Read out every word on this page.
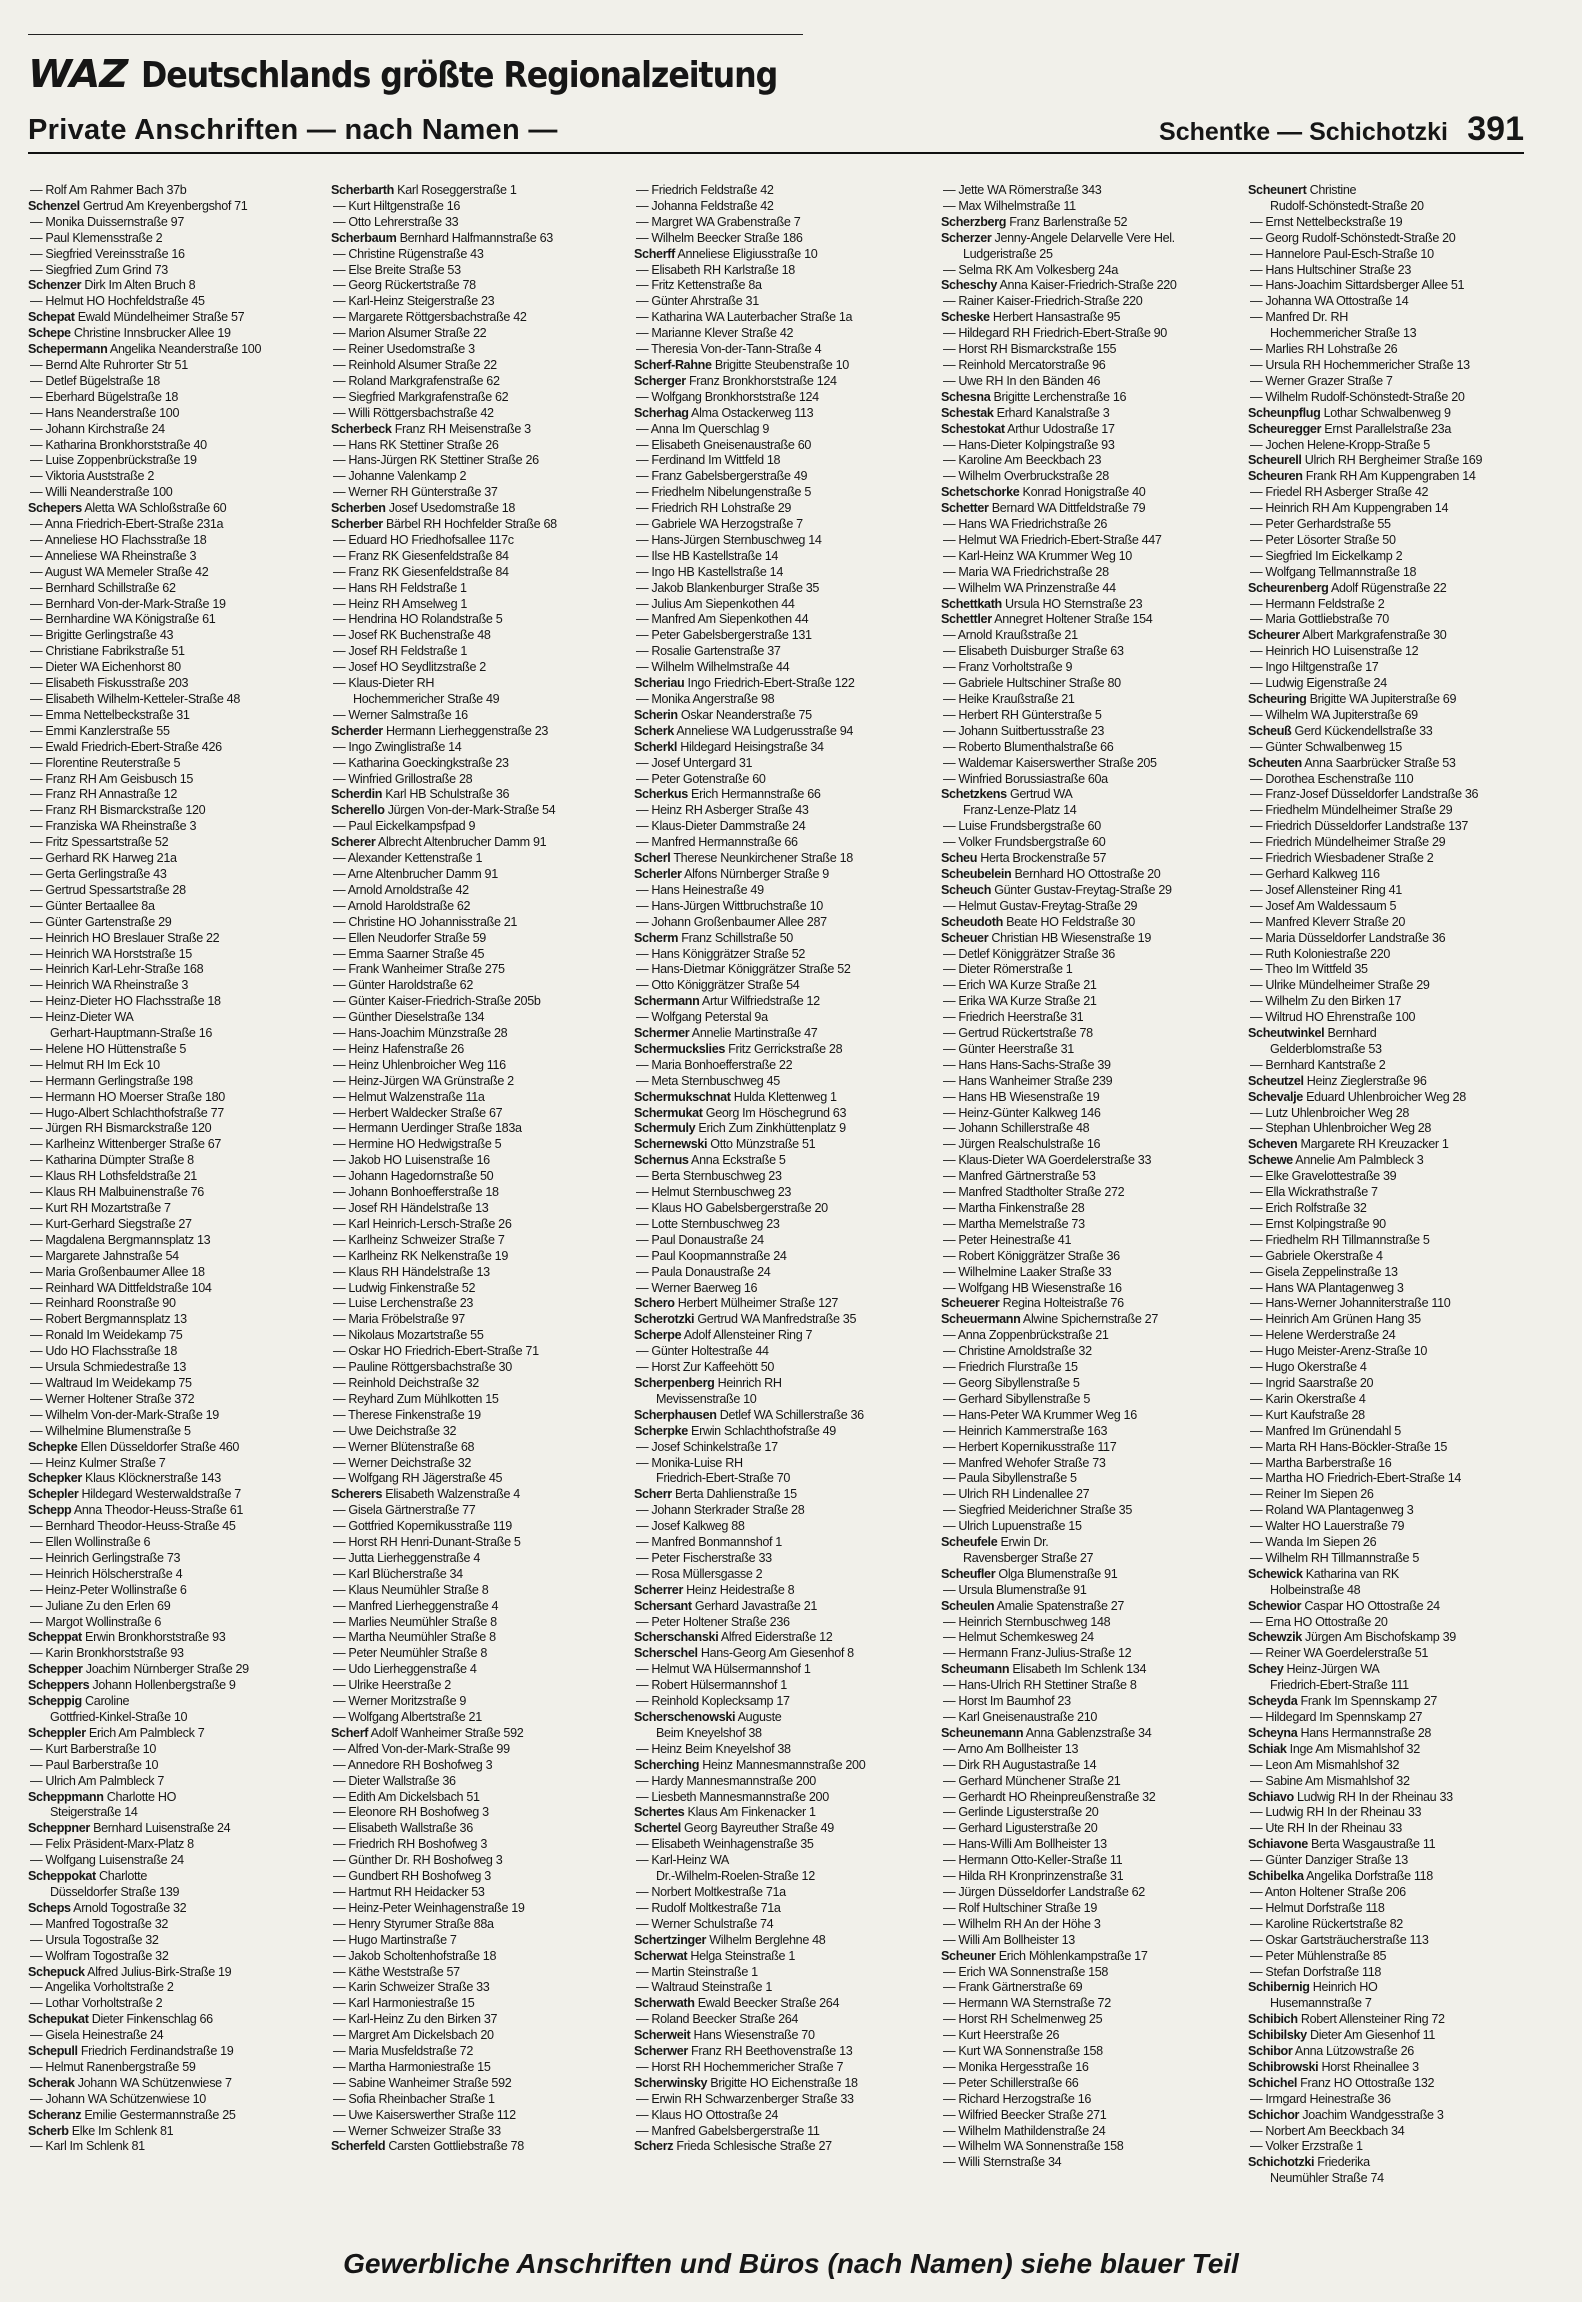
WAZ Deutschlands größte Regionalzeitung
Private Anschriften — nach Namen —	Schentke — Schichotzki 391
— Rolf Am Rahmer Bach 37b
Schenzel Gertrud Am Kreyenbergshof 71
— Monika Duissernstraße 97
— Paul Klemensstraße 2
— Siegfried Vereinsstraße 16
— Siegfried Zum Grind 73
Schenzer Dirk Im Alten Bruch 8
— Helmut HO Hochfeldstraße 45
Schepat Ewald Mündelheimer Straße 57
Schepe Christine Innsbrucker Allee 19
Schepermann Angelika Neanderstraße 100
— Bernd Alte Ruhrorter Str 51
— Detlef Bügelstraße 18
— Eberhard Bügelstraße 18
— Hans Neanderstraße 100
— Johann Kirchstraße 24
— Katharina Bronkhorststraße 40
— Luise Zoppenbrückstraße 19
— Viktoria Auststraße 2
— Willi Neanderstraße 100
Schepers Aletta WA Schloßstraße 60
— Anna Friedrich-Ebert-Straße 231a
— Anneliese HO Flachsstraße 18
— Anneliese WA Rheinstraße 3
— August WA Memeler Straße 42
— Bernhard Schillstraße 62
— Bernhard Von-der-Mark-Straße 19
— Bernhardine WA Königstraße 61
— Brigitte Gerlingstraße 43
— Christiane Fabrikstraße 51
— Dieter WA Eichenhorst 80
— Elisabeth Fiskusstraße 203
— Elisabeth Wilhelm-Ketteler-Straße 48
— Emma Nettelbeckstraße 31
— Emmi Kanzlerstraße 55
— Ewald Friedrich-Ebert-Straße 426
— Florentine Reuterstraße 5
— Franz RH Am Geisbusch 15
— Franz RH Annastraße 12
— Franz RH Bismarckstraße 120
— Franziska WA Rheinstraße 3
— Fritz Spessartstraße 52
— Gerhard RK Harweg 21a
— Gerta Gerlingstraße 43
— Gertrud Spessartstraße 28
— Günter Bertaallee 8a
— Günter Gartenstraße 29
— Heinrich HO Breslauer Straße 22
— Heinrich WA Horststraße 15
— Heinrich Karl-Lehr-Straße 168
— Heinrich WA Rheinstraße 3
— Heinz-Dieter HO Flachsstraße 18
— Heinz-Dieter WA
Gerhart-Hauptmann-Straße 16
— Helene HO Hüttenstraße 5
— Helmut RH Im Eck 10
— Hermann Gerlingstraße 198
— Hermann HO Moerser Straße 180
— Hugo-Albert Schlachthofstraße 77
— Jürgen RH Bismarckstraße 120
— Karlheinz Wittenberger Straße 67
— Katharina Dümpter Straße 8
— Klaus RH Lothsfeldstraße 21
— Klaus RH Malbuinenstraße 76
— Kurt RH Mozartstraße 7
— Kurt-Gerhard Siegstraße 27
— Magdalena Bergmannsplatz 13
— Margarete Jahnstraße 54
— Maria Großenbaumer Allee 18
— Reinhard WA Dittfeldstraße 104
— Reinhard Roonstraße 90
— Robert Bergmannsplatz 13
— Ronald Im Weidekamp 75
— Udo HO Flachsstraße 18
— Ursula Schmiedestraße 13
— Waltraud Im Weidekamp 75
— Werner Holtener Straße 372
— Wilhelm Von-der-Mark-Straße 19
— Wilhelmine Blumenstraße 5
Schepke Ellen Düsseldorfer Straße 460
— Heinz Kulmer Straße 7
Schepker Klaus Klöcknerstraße 143
Schepler Hildegard Westerwaldstraße 7
Schepp Anna Theodor-Heuss-Straße 61
— Bernhard Theodor-Heuss-Straße 45
— Ellen Wollinstraße 6
— Heinrich Gerlingstraße 73
— Heinrich Hölscherstraße 4
— Heinz-Peter Wollinstraße 6
— Juliane Zu den Erlen 69
— Margot Wollinstraße 6
Scheppat Erwin Bronkhorststraße 93
— Karin Bronkhorststraße 93
Schepper Joachim Nürnberger Straße 29
Scheppers Johann Hollenbergstraße 9
Scheppig Caroline
Gottfried-Kinkel-Straße 10
Scheppler Erich Am Palmbleck 7
— Kurt Barberstraße 10
— Paul Barberstraße 10
— Ulrich Am Palmbleck 7
Scheppmann Charlotte HO
Steigerstraße 14
Scheppner Bernhard Luisenstraße 24
— Felix Präsident-Marx-Platz 8
— Wolfgang Luisenstraße 24
Scheppokat Charlotte
Düsseldorfer Straße 139
Scheps Arnold Togostraße 32
— Manfred Togostraße 32
— Ursula Togostraße 32
— Wolfram Togostraße 32
Schepuck Alfred Julius-Birk-Straße 19
— Angelika Vorholtstraße 2
— Lothar Vorholtstraße 2
Schepukat Dieter Finkenschlag 66
— Gisela Heinestraße 24
Schepull Friedrich Ferdinandstraße 19
— Helmut Ranenbergstraße 59
Scherak Johann WA Schützenwiese 7
— Johann WA Schützenwiese 10
Scheranz Emilie Gestermannstraße 25
Scherb Elke Im Schlenk 81
— Karl Im Schlenk 81
Scherbarth Karl Roseggerstraße 1
— Kurt Hiltgenstraße 16
— Otto Lehrerstraße 33
Scherbaum Bernhard Halfmannstraße 63
— Christine Rügenstraße 43
— Else Breite Straße 53
— Georg Rückertstraße 78
— Karl-Heinz Steigerstraße 23
— Margarete Röttgersbachstraße 42
— Marion Alsumer Straße 22
— Reiner Usedomstraße 3
— Reinhold Alsumer Straße 22
— Roland Markgrafenstraße 62
— Siegfried Markgrafenstraße 62
— Willi Röttgersbachstraße 42
Scherbeck Franz RH Meisenstraße 3
— Hans RK Stettiner Straße 26
— Hans-Jürgen RK Stettiner Straße 26
— Johanne Valenkamp 2
— Werner RH Günterstraße 37
Scherben Josef Usedomstraße 18
Scherber Bärbel RH Hochfelder Straße 68
— Eduard HO Friedhofsallee 117c
— Franz RK Giesenfeldstraße 84
— Franz RK Giesenfeldstraße 84
— Hans RH Feldstraße 1
— Heinz RH Amselweg 1
— Hendrina HO Rolandstraße 5
— Josef RK Buchenstraße 48
— Josef RH Feldstraße 1
— Josef HO Seydlitzstraße 2
— Klaus-Dieter RH
Hochemmericher Straße 49
— Werner Salmstraße 16
Scherder Hermann Lierheggenstraße 23
— Ingo Zwinglistraße 14
— Katharina Goeckingkstraße 23
— Winfried Grillostraße 28
Scherdin Karl HB Schulstraße 36
Scherello Jürgen Von-der-Mark-Straße 54
— Paul Eickelkampsfpad 9
Scherer Albrecht Altenbrucher Damm 91
— Alexander Kettenstraße 1
— Arne Altenbrucher Damm 91
— Arnold Arnoldstraße 42
— Arnold Haroldstraße 62
— Christine HO Johannisstraße 21
— Ellen Neudorfer Straße 59
— Emma Saarner Straße 45
— Frank Wanheimer Straße 275
— Günter Haroldstraße 62
— Günter Kaiser-Friedrich-Straße 205b
— Günther Dieselstraße 134
— Hans-Joachim Münzstraße 28
— Heinz Hafenstraße 26
— Heinz Uhlenbroicher Weg 116
— Heinz-Jürgen WA Grünstraße 2
— Helmut Walzenstraße 11a
— Herbert Waldecker Straße 67
— Hermann Uerdinger Straße 183a
— Hermine HO Hedwigstraße 5
— Jakob HO Luisenstraße 16
— Johann Hagedornstraße 50
— Johann Bonhoefferstraße 18
— Josef RH Händelstraße 13
— Karl Heinrich-Lersch-Straße 26
— Karlheinz Schweizer Straße 7
— Karlheinz RK Nelkenstraße 19
— Klaus RH Händelstraße 13
— Ludwig Finkenstraße 52
— Luise Lerchenstraße 23
— Maria Fröbelstraße 97
— Nikolaus Mozartstraße 55
— Oskar HO Friedrich-Ebert-Straße 71
— Pauline Röttgersbachstraße 30
— Reinhold Deichstraße 32
— Reyhard Zum Mühlkotten 15
— Therese Finkenstraße 19
— Uwe Deichstraße 32
— Werner Blütenstraße 68
— Werner Deichstraße 32
— Wolfgang RH Jägerstraße 45
Scherers Elisabeth Walzenstraße 4
— Gisela Gärtnerstraße 77
— Gottfried Kopernikusstraße 119
— Horst RH Henri-Dunant-Straße 5
— Jutta Lierheggenstraße 4
— Karl Blücherstraße 34
— Klaus Neumühler Straße 8
— Manfred Lierheggenstraße 4
— Marlies Neumühler Straße 8
— Martha Neumühler Straße 8
— Peter Neumühler Straße 8
— Udo Lierheggenstraße 4
— Ulrike Heerstraße 2
— Werner Moritzstraße 9
— Wolfgang Albertstraße 21
Scherf Adolf Wanheimer Straße 592
— Alfred Von-der-Mark-Straße 99
— Annedore RH Boshofweg 3
— Dieter Wallstraße 36
— Edith Am Dickelsbach 51
— Eleonore RH Boshofweg 3
— Elisabeth Wallstraße 36
— Friedrich RH Boshofweg 3
— Günther Dr. RH Boshofweg 3
— Gundbert RH Boshofweg 3
— Hartmut RH Heidacker 53
— Heinz-Peter Weinhagenstraße 19
— Henry Styrumer Straße 88a
— Hugo Martinstraße 7
— Jakob Scholtenhofstraße 18
— Käthe Weststraße 57
— Karin Schweizer Straße 33
— Karl Harmoniestraße 15
— Karl-Heinz Zu den Birken 37
— Margret Am Dickelsbach 20
— Maria Musfeldstraße 72
— Martha Harmoniestraße 15
— Sabine Wanheimer Straße 592
— Sofia Rheinbacher Straße 1
— Uwe Kaiserswerther Straße 112
— Werner Schweizer Straße 33
Scherfeld Carsten Gottliebstraße 78
— Friedrich Feldstraße 42
— Johanna Feldstraße 42
— Margret WA Grabenstraße 7
— Wilhelm Beecker Straße 186
Scherff Anneliese Eligiusstraße 10
— Elisabeth RH Karlstraße 18
— Fritz Kettenstraße 8a
— Günter Ahrstraße 31
— Katharina WA Lauterbacher Straße 1a
— Marianne Klever Straße 42
— Theresia Von-der-Tann-Straße 4
Scherf-Rahne Brigitte Steubenstraße 10
Scherger Franz Bronkhorststraße 124
— Wolfgang Bronkhorststraße 124
Scherhag Alma Ostackerweg 113
— Anna Im Querschlag 9
— Elisabeth Gneisenaustraße 60
— Ferdinand Im Wittfeld 18
— Franz Gabelsbergerstraße 49
— Friedhelm Nibelungenstraße 5
— Friedrich RH Lohstraße 29
— Gabriele WA Herzogstraße 7
— Hans-Jürgen Sternbuschweg 14
— Ilse HB Kastellstraße 14
— Ingo HB Kastellstraße 14
— Jakob Blankenburger Straße 35
— Julius Am Siepenkothen 44
— Manfred Am Siepenkothen 44
— Peter Gabelsbergerstraße 131
— Rosalie Gartenstraße 37
— Wilhelm Wilhelmstraße 44
Scheriau Ingo Friedrich-Ebert-Straße 122
— Monika Angerstraße 98
Scherin Oskar Neanderstraße 75
Scherk Anneliese WA Ludgerusstraße 94
Scherkl Hildegard Heisingstraße 34
— Josef Untergard 31
— Peter Gotenstraße 60
Scherkus Erich Hermannstraße 66
— Heinz RH Asberger Straße 43
— Klaus-Dieter Dammstraße 24
— Manfred Hermannstraße 66
Scherl Therese Neunkirchener Straße 18
Scherler Alfons Nürnberger Straße 9
— Hans Heinestraße 49
— Hans-Jürgen Wittbruchstraße 10
— Johann Großenbaumer Allee 287
Scherm Franz Schillstraße 50
— Hans Königgrätzer Straße 52
— Hans-Dietmar Königgrätzer Straße 52
— Otto Königgrätzer Straße 54
Schermann Artur Wilfriedstraße 12
— Wolfgang Peterstal 9a
Schermer Annelie Martinstraße 47
Schermuckslies Fritz Gerrickstraße 28
— Maria Bonhoefferstraße 22
— Meta Sternbuschweg 45
Schermukschnat Hulda Klettenweg 1
Schermukat Georg Im Höschegrund 63
Schermuly Erich Zum Zinkhüttenplatz 9
Schernewski Otto Münzstraße 51
Schernus Anna Eckstraße 5
— Berta Sternbuschweg 23
— Helmut Sternbuschweg 23
— Klaus HO Gabelsbergerstraße 20
— Lotte Sternbuschweg 23
— Paul Donaustraße 24
— Paul Koopmannstraße 24
— Paula Donaustraße 24
— Werner Baerweg 16
Schero Herbert Mülheimer Straße 127
Scherotzki Gertrud WA Manfredstraße 35
Scherpe Adolf Allensteiner Ring 7
— Günter Holtestraße 44
— Horst Zur Kaffeehött 50
Scherpenberg Heinrich RH
Mevissenstraße 10
Scherphausen Detlef WA Schillerstraße 36
Scherpke Erwin Schlachthofstraße 49
— Josef Schinkelstraße 17
— Monika-Luise RH
Friedrich-Ebert-Straße 70
Scherr Berta Dahlienstraße 15
— Johann Sterkrader Straße 28
— Josef Kalkweg 88
— Manfred Bonmannshof 1
— Peter Fischerstraße 33
— Rosa Müllersgasse 2
Scherrer Heinz Heidestraße 8
Schersant Gerhard Javastraße 21
— Peter Holtener Straße 236
Scherschanski Alfred Eiderstraße 12
Scherschel Hans-Georg Am Giesenhof 8
— Helmut WA Hülsermannshof 1
— Robert Hülsermannshof 1
— Reinhold Koplecksamp 17
Scherschenowski Auguste
Beim Kneyelshof 38
— Heinz Beim Kneyelshof 38
Scherching Heinz Mannesmannstraße 200
— Hardy Mannesmannstraße 200
— Liesbeth Mannesmannstraße 200
Schertes Klaus Am Finkenacker 1
Schertel Georg Bayreuther Straße 49
— Elisabeth Weinhagenstraße 35
— Karl-Heinz WA
Dr.-Wilhelm-Roelen-Straße 12
— Norbert Moltkestraße 71a
— Rudolf Moltkestraße 71a
— Werner Schulstraße 74
Schertzinger Wilhelm Berglehne 48
Scherwat Helga Steinstraße 1
— Martin Steinstraße 1
— Waltraud Steinstraße 1
Scherwath Ewald Beecker Straße 264
— Roland Beecker Straße 264
Scherweit Hans Wiesenstraße 70
Scherwer Franz RH Beethovenstraße 13
— Horst RH Hochemmericher Straße 7
Scherwinsky Brigitte HO Eichenstraße 18
— Erwin RH Schwarzenberger Straße 33
— Klaus HO Ottostraße 24
— Manfred Gabelsbergerstraße 11
Scherz Frieda Schlesische Straße 27
— Jette WA Römerstraße 343
— Max Wilhelmstraße 11
Scherzberg Franz Barlenstraße 52
Scherzer Jenny-Angele Delarvelle Vere Hel.
Ludgeristraße 25
— Selma RK Am Volkesberg 24a
Scheschy Anna Kaiser-Friedrich-Straße 220
— Rainer Kaiser-Friedrich-Straße 220
Scheske Herbert Hansastraße 95
— Hildegard RH Friedrich-Ebert-Straße 90
— Horst RH Bismarckstraße 155
— Reinhold Mercatorstraße 96
— Uwe RH In den Bänden 46
Schesna Brigitte Lerchenstraße 16
Schestak Erhard Kanalstraße 3
Schestokat Arthur Udostraße 17
— Hans-Dieter Kolpingstraße 93
— Karoline Am Beeckbach 23
— Wilhelm Overbruckstraße 28
Schetschorke Konrad Honigstraße 40
Schetter Bernard WA Dittfeldstraße 79
— Hans WA Friedrichstraße 26
— Helmut WA Friedrich-Ebert-Straße 447
— Karl-Heinz WA Krummer Weg 10
— Maria WA Friedrichstraße 28
— Wilhelm WA Prinzenstraße 44
Schettkath Ursula HO Sternstraße 23
Schettler Annegret Holtener Straße 154
— Arnold Kraußstraße 21
— Elisabeth Duisburger Straße 63
— Franz Vorholtstraße 9
— Gabriele Hultschiner Straße 80
— Heike Kraußstraße 21
— Herbert RH Günterstraße 5
— Johann Suitbertusstraße 23
— Roberto Blumenthalstraße 66
— Waldemar Kaiserswerther Straße 205
— Winfried Borussiastraße 60a
Schetzkens Gertrud WA
Franz-Lenze-Platz 14
— Luise Frundsbergstraße 60
— Volker Frundsbergstraße 60
Scheu Herta Brockenstraße 57
Scheubelein Bernhard HO Ottostraße 20
Scheuch Günter Gustav-Freytag-Straße 29
— Helmut Gustav-Freytag-Straße 29
Scheudoth Beate HO Feldstraße 30
Scheuer Christian HB Wiesenstraße 19
— Detlef Königgrätzer Straße 36
— Dieter Römerstraße 1
— Erich WA Kurze Straße 21
— Erika WA Kurze Straße 21
— Friedrich Heerstraße 31
— Gertrud Rückertstraße 78
— Günter Heerstraße 31
— Hans Hans-Sachs-Straße 39
— Hans Wanheimer Straße 239
— Hans HB Wiesenstraße 19
— Heinz-Günter Kalkweg 146
— Johann Schillerstraße 48
— Jürgen Realschulstraße 16
— Klaus-Dieter WA Goerdelerstraße 33
— Manfred Gärtnerstraße 53
— Manfred Stadtholter Straße 272
— Martha Finkenstraße 28
— Martha Memelstraße 73
— Peter Heinestraße 41
— Robert Königgrätzer Straße 36
— Wilhelmine Laaker Straße 33
— Wolfgang HB Wiesenstraße 16
Scheuerer Regina Holteistraße 76
Scheuermann Alwine Spichernstraße 27
— Anna Zoppenbrückstraße 21
— Christine Arnoldstraße 32
— Friedrich Flurstraße 15
— Georg Sibyllenstraße 5
— Gerhard Sibyllenstraße 5
— Hans-Peter WA Krummer Weg 16
— Heinrich Kammerstraße 163
— Herbert Kopernikusstraße 117
— Manfred Wehofer Straße 73
— Paula Sibyllenstraße 5
— Ulrich RH Lindenallee 27
— Siegfried Meiderichner Straße 35
— Ulrich Lupuenstraße 15
Scheufele Erwin Dr.
Ravensberger Straße 27
Scheufler Olga Blumenstraße 91
— Ursula Blumenstraße 91
Scheulen Amalie Spatenstraße 27
— Heinrich Sternbuschweg 148
— Helmut Schemkesweg 24
— Hermann Franz-Julius-Straße 12
Scheumann Elisabeth Im Schlenk 134
— Hans-Ulrich RH Stettiner Straße 8
— Horst Im Baumhof 23
— Karl Gneisenaustraße 210
Scheunemann Anna Gablenzstraße 34
— Arno Am Bollheister 13
— Dirk RH Augustastraße 14
— Gerhard Münchener Straße 21
— Gerhardt HO Rheinpreußenstraße 32
— Gerlinde Ligusterstraße 20
— Gerhard Ligusterstraße 20
— Hans-Willi Am Bollheister 13
— Hermann Otto-Keller-Straße 11
— Hilda RH Kronprinzenstraße 31
— Jürgen Düsseldorfer Landstraße 62
— Rolf Hultschiner Straße 19
— Wilhelm RH An der Höhe 3
— Willi Am Bollheister 13
Scheuner Erich Möhlenkampstraße 17
— Erich WA Sonnenstraße 158
— Frank Gärtnerstraße 69
— Hermann WA Sternstraße 72
— Horst RH Schelmenweg 25
— Kurt Heerstraße 26
— Kurt WA Sonnenstraße 158
— Monika Hergesstraße 16
— Peter Schillerstraße 66
— Richard Herzogstraße 16
— Wilfried Beecker Straße 271
— Wilhelm Mathildenstraße 24
— Wilhelm WA Sonnenstraße 158
— Willi Sternstraße 34
Scheunert Christine
Rudolf-Schönstedt-Straße 20
— Ernst Nettelbeckstraße 19
— Georg Rudolf-Schönstedt-Straße 20
— Hannelore Paul-Esch-Straße 10
— Hans Hultschiner Straße 23
— Hans-Joachim Sittardsberger Allee 51
— Johanna WA Ottostraße 14
— Manfred Dr. RH
Hochemmericher Straße 13
— Marlies RH Lohstraße 26
— Ursula RH Hochemmericher Straße 13
— Werner Grazer Straße 7
— Wilhelm Rudolf-Schönstedt-Straße 20
Scheunpflug Lothar Schwalbenweg 9
Scheuregger Ernst Parallelstraße 23a
— Jochen Helene-Kropp-Straße 5
Scheurell Ulrich RH Bergheimer Straße 169
Scheuren Frank RH Am Kuppengraben 14
— Friedel RH Asberger Straße 42
— Heinrich RH Am Kuppengraben 14
— Peter Gerhardstraße 55
— Peter Lösorter Straße 50
— Siegfried Im Eickelkamp 2
— Wolfgang Tellmannstraße 18
Scheurenberg Adolf Rügenstraße 22
— Hermann Feldstraße 2
— Maria Gottliebstraße 70
Scheurer Albert Markgrafenstraße 30
— Heinrich HO Luisenstraße 12
— Ingo Hiltgenstraße 17
— Ludwig Eigenstraße 24
Scheuring Brigitte WA Jupiterstraße 69
— Wilhelm WA Jupiterstraße 69
Scheuß Gerd Kückendellstraße 33
— Günter Schwalbenweg 15
Scheuten Anna Saarbrücker Straße 53
— Dorothea Eschenstraße 110
— Franz-Josef Düsseldorfer Landstraße 36
— Friedhelm Mündelheimer Straße 29
— Friedrich Düsseldorfer Landstraße 137
— Friedrich Mündelheimer Straße 29
— Friedrich Wiesbadener Straße 2
— Gerhard Kalkweg 116
— Josef Allensteiner Ring 41
— Josef Am Waldessaum 5
— Manfred Kleverr Straße 20
— Maria Düsseldorfer Landstraße 36
— Ruth Koloniestraße 220
— Theo Im Wittfeld 35
— Ulrike Mündelheimer Straße 29
— Wilhelm Zu den Birken 17
— Wiltrud HO Ehrenstraße 100
Scheutwinkel Bernhard
Gelderblomstraße 53
— Bernhard Kantstraße 2
Scheutzel Heinz Zieglerstraße 96
Schevalje Eduard Uhlenbroicher Weg 28
— Lutz Uhlenbroicher Weg 28
— Stephan Uhlenbroicher Weg 28
Scheven Margarete RH Kreuzacker 1
Schewe Annelie Am Palmbleck 3
— Elke Gravelottestraße 39
— Ella Wickrathstraße 7
— Erich Rolfstraße 32
— Ernst Kolpingstraße 90
— Friedhelm RH Tillmannstraße 5
— Gabriele Okerstraße 4
— Gisela Zeppelinstraße 13
— Hans WA Plantagenweg 3
— Hans-Werner Johanniterstraße 110
— Heinrich Am Grünen Hang 35
— Helene Werderstraße 24
— Hugo Meister-Arenz-Straße 10
— Hugo Okerstraße 4
— Ingrid Saarstraße 20
— Karin Okerstraße 4
— Kurt Kaufstraße 28
— Manfred Im Grünendahl 5
— Marta RH Hans-Böckler-Straße 15
— Martha Barberstraße 16
— Martha HO Friedrich-Ebert-Straße 14
— Reiner Im Siepen 26
— Roland WA Plantagenweg 3
— Walter HO Lauerstraße 79
— Wanda Im Siepen 26
— Wilhelm RH Tillmannstraße 5
Schewick Katharina van RK
Holbeinstraße 48
Schewior Caspar HO Ottostraße 24
— Erna HO Ottostraße 20
Schewzik Jürgen Am Bischofskamp 39
— Reiner WA Goerdelerstraße 51
Schey Heinz-Jürgen WA
Friedrich-Ebert-Straße 111
Scheyda Frank Im Spennskamp 27
— Hildegard Im Spennskamp 27
Scheyna Hans Hermannstraße 28
Schiak Inge Am Mismahlshof 32
— Leon Am Mismahlshof 32
— Sabine Am Mismahlshof 32
Schiavo Ludwig RH In der Rheinau 33
— Ludwig RH In der Rheinau 33
— Ute RH In der Rheinau 33
Schiavone Berta Wasgaustraße 11
— Günter Danziger Straße 13
Schibelka Angelika Dorfstraße 118
— Anton Holtener Straße 206
— Helmut Dorfstraße 118
— Karoline Rückertstraße 82
— Oskar Gartsträucherstraße 113
— Peter Mühlenstraße 85
— Stefan Dorfstraße 118
Schibernig Heinrich HO
Husemannstraße 7
Schibich Robert Allensteiner Ring 72
Schibilsky Dieter Am Giesenhof 11
Schibor Anna Lützowstraße 26
Schibrowski Horst Rheinallee 3
Schichel Franz HO Ottostraße 132
— Irmgard Heinestraße 36
Schichor Joachim Wandgesstraße 3
— Norbert Am Beeckbach 34
— Volker Erzstraße 1
Schichotzki Friederika
Neumühler Straße 74
Gewerbliche Anschriften und Büros (nach Namen) siehe blauer Teil
